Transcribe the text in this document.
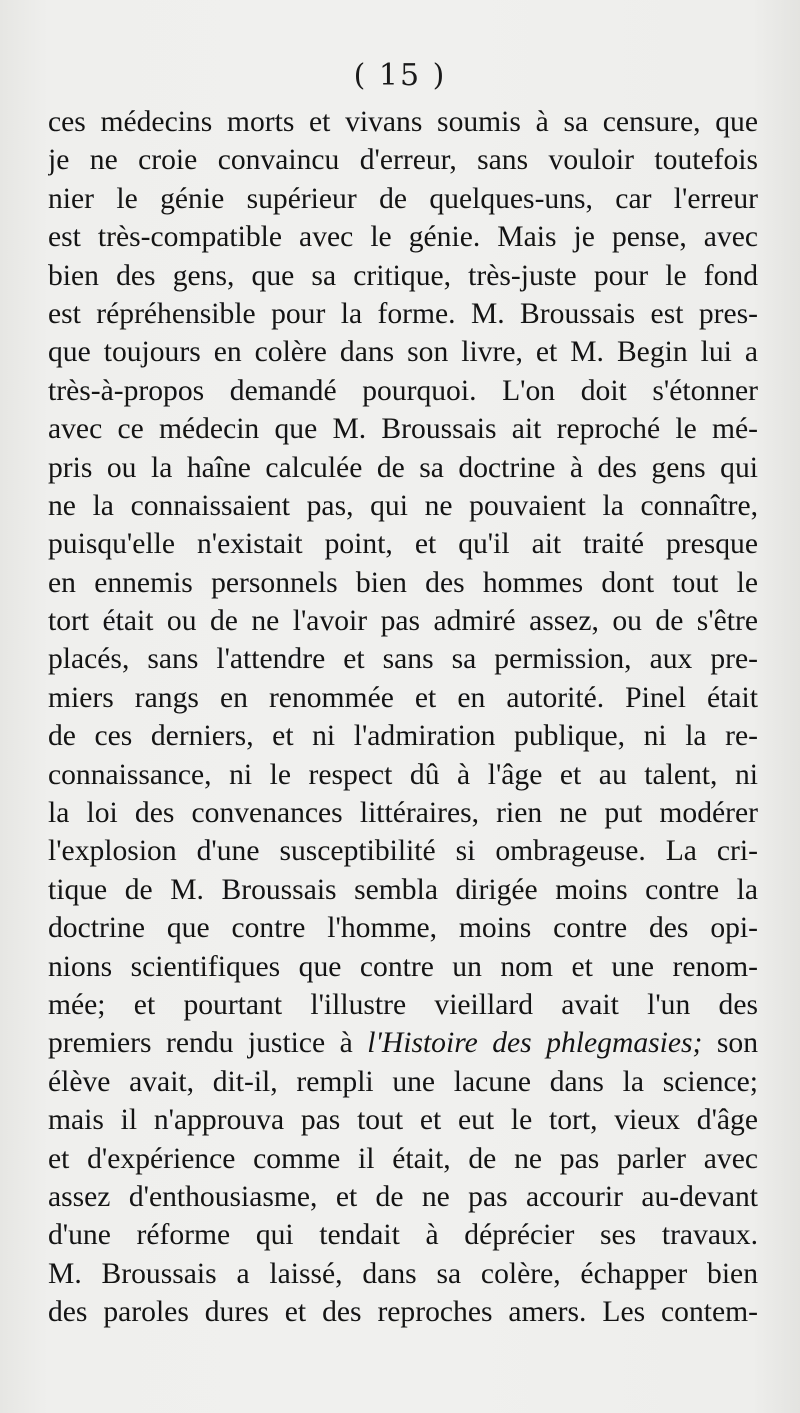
( 15 )
ces médecins morts et vivans soumis à sa censure, que
je ne croie convaincu d'erreur, sans vouloir toutefois
nier le génie supérieur de quelques-uns, car l'erreur
est très-compatible avec le génie. Mais je pense, avec
bien des gens, que sa critique, très-juste pour le fond
est répréhensible pour la forme. M. Broussais est pres-
que toujours en colère dans son livre, et M. Begin lui a
très-à-propos demandé pourquoi. L'on doit s'étonner
avec ce médecin que M. Broussais ait reproché le mé-
pris ou la haîne calculée de sa doctrine à des gens qui
ne la connaissaient pas, qui ne pouvaient la connaître,
puisqu'elle n'existait point, et qu'il ait traité presque
en ennemis personnels bien des hommes dont tout le
tort était ou de ne l'avoir pas admiré assez, ou de s'être
placés, sans l'attendre et sans sa permission, aux pre-
miers rangs en renommée et en autorité. Pinel était
de ces derniers, et ni l'admiration publique, ni la re-
connaissance, ni le respect dû à l'âge et au talent, ni
la loi des convenances littéraires, rien ne put modérer
l'explosion d'une susceptibilité si ombrageuse. La cri-
tique de M. Broussais sembla dirigée moins contre la
doctrine que contre l'homme, moins contre des opi-
nions scientifiques que contre un nom et une renom-
mée; et pourtant l'illustre vieillard avait l'un des
premiers rendu justice à l'Histoire des phlegmasies; son
élève avait, dit-il, rempli une lacune dans la science;
mais il n'approuva pas tout et eut le tort, vieux d'âge
et d'expérience comme il était, de ne pas parler avec
assez d'enthousiasme, et de ne pas accourir au-devant
d'une réforme qui tendait à déprécier ses travaux.
M. Broussais a laissé, dans sa colère, échapper bien
des paroles dures et des reproches amers. Les contem-
